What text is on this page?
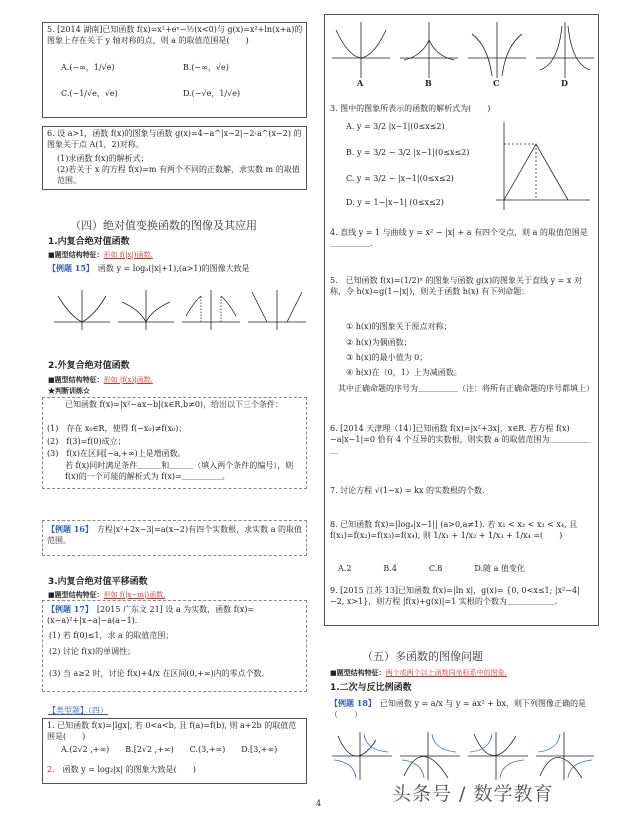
5. [2014 湖南]已知函数 f(x)=x²+eˣ−½(x<0)与 g(x)=x²+ln(x+a)的图象上存在关于 y 轴对称的点，则 a 的取值范围是(　　)
A.(−∞，1/√e)	B.(−∞，√e)
C.(−1/√e，√e)	D.(−√e，1/√e)
6. 设 a>1，函数 f(x)的图象与函数 g(x)=4−a^|x−2|−2·a^(x−2) 的图象关于点 A(1，2)对称。
(1)求函数 f(x)的解析式；
(2)若关于 x 的方程 f(x)=m 有两个不同的正数解，求实数 m 的取值范围。
（四）绝对值变换函数的图像及其应用
1.内复合绝对值函数
■题型结构特征：形如 f(|x|)函数.
【例题 15】　 函数 y = logₐ(|x|+1),(a>1)的图像大致是
2.外复合绝对值函数
■题型结构特征：形如 |f(x)|函数.
★判断训练☆
已知函数 f(x)=|x²−ax−b|(x∈R,b≠0)，给出以下三个条件：
(1)　存在 x₀∈R，使得 f(−x₀)≠f(x₀)；
(2)　f(3)=f(0)成立；
(3)　f(x)在区间[−a,+∞)上是增函数。
若 f(x)同时满足条件＿＿＿和＿＿＿（填入两个条件的编号），则 f(x)的一个可能的解析式为 f(x)=＿＿＿＿＿。
【例题 16】　 方程|x²+2x−3|=a(x−2)有四个实数根，求实数 a 的取值范围。
3.内复合绝对值平移函数
■题型结构特征：形如 f(|x−m|)函数.
【例题 17】　 [2015 广东文 21] 设 a 为实数，函数 f(x)=(x−a)²+|x−a|−a(a−1).
(1) 若 f(0)≤1，求 a 的取值范围；
(2) 讨论 f(x)的单调性；
(3) 当 a≥2 时，讨论 f(x)+4/x 在区间(0,+∞)内的零点个数.
【类型题】（四）
1. 已知函数 f(x)=|lgx|, 若 0<a<b, 且 f(a)=f(b), 则 a+2b 的取值范围是(　　)
A.(2√2 ,+∞)　　B.[2√2 ,+∞)　　C.(3,+∞)　　D.[3,+∞)
2.　 函数 y = log₂|x| 的图象大致是(　　)
A	B	C	D
3. 图中的图象所表示的函数的解析式为(　　)
A. y = 3/2 |x−1|(0≤x≤2)
B. y = 3/2 − 3/2 |x−1|(0≤x≤2)
C. y = 3/2 − |x−1|(0≤x≤2)
D. y = 1−|x−1| (0≤x≤2)
4. 直线 y = 1 与曲线 y = x² − |x| + a 有四个交点，则 a 的取值范围是＿＿＿＿＿.
5.　已知函数 f(x)=(1/2)ˣ 的图象与函数 g(x)的图象关于直线 y = x 对称，令 h(x)=g(1−|x|)，则关于函数 h(x) 有下列命题：
① h(x)的图象关于原点对称；
② h(x)为偶函数；
③ h(x)的最小值为 0；
④ h(x)在（0，1）上为减函数。
其中正确命题的序号为＿＿＿＿＿（注：将所有正确命题的序号都填上）
6. [2014 天津理（14）]已知函数 f(x)=|x²+3x|，x∈R. 若方程 f(x)−a|x−1|=0 恰有 4 个互异的实数根，则实数 a 的取值范围为＿＿＿＿＿＿
7. 讨论方程 √(1−x) = kx 的实数根的个数.
8. 已知函数 f(x)=|logₐ|x−1|| (a>0,a≠1). 若 x₁ < x₂ < x₃ < x₄, 且 f(x₁)=f(x₂)=f(x₃)=f(x₄), 则 1/x₁ + 1/x₂ + 1/x₃ + 1/x₄ =(　　)
A.2　　　　B.4　　　　C.8　　　　D.随 a 值变化
9. [2015 江苏 13]已知函数 f(x)=|ln x|，g(x)= {0, 0<x≤1; |x²−4|−2, x>1}，则方程 |f(x)+g(x)|=1 实根的个数为＿＿＿＿＿＿.
（五）多函数的图像问题
■题型结构特征：两个或两个以上函数同坐标系中的图象.
1.二次与反比例函数
【例题 18】　 已知函数 y = a/x 与 y = ax² + bx，则下列图像正确的是（　　）
4	头条号 / 数学教育
